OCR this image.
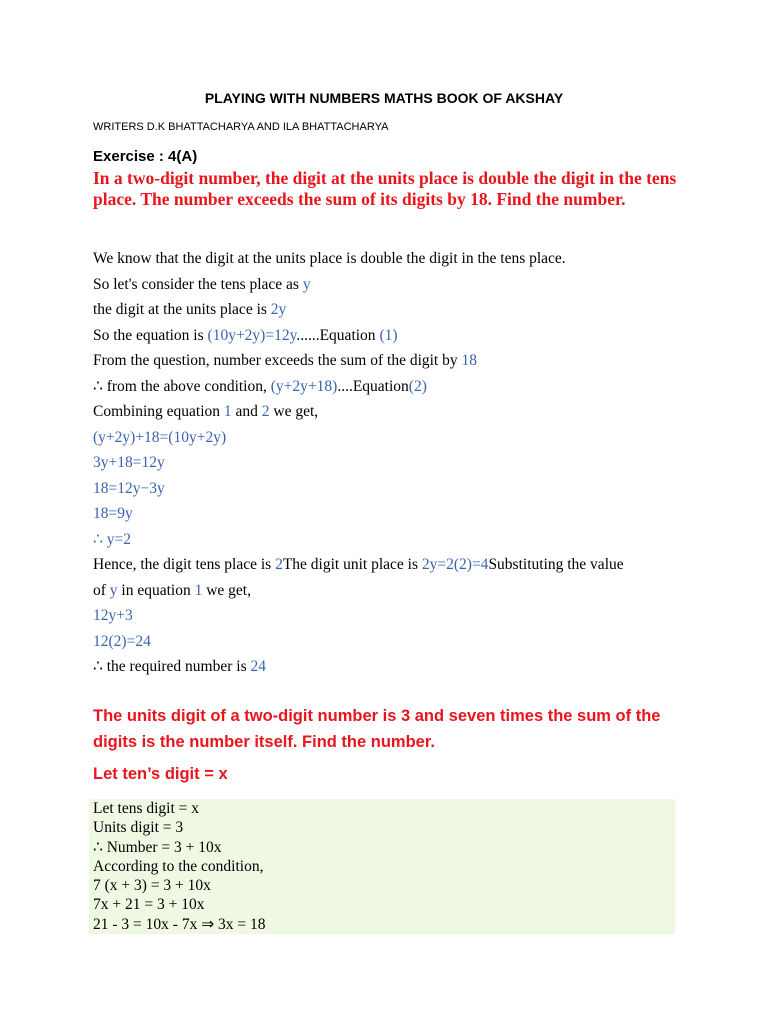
PLAYING WITH NUMBERS MATHS BOOK OF AKSHAY
WRITERS D.K BHATTACHARYA AND ILA BHATTACHARYA
Exercise : 4(A)
In a two-digit number, the digit at the units place is double the digit in the tens place. The number exceeds the sum of its digits by 18. Find the number.
We know that the digit at the units place is double the digit in the tens place.
So let's consider the tens place as y
the digit at the units place is 2y
So the equation is (10y+2y)=12y......Equation (1)
From the question, number exceeds the sum of the digit by 18
∴ from the above condition, (y+2y+18)....Equation(2)
Combining equation 1 and 2 we get,
(y+2y)+18=(10y+2y)
3y+18=12y
18=12y−3y
18=9y
∴ y=2
Hence, the digit tens place is 2The digit unit place is 2y=2(2)=4Substituting the value
of y in equation 1 we get,
12y+3
12(2)=24
∴ the required number is 24
The units digit of a two-digit number is 3 and seven times the sum of the digits is the number itself. Find the number.
Let ten’s digit = x
Let tens digit = x
Units digit = 3
∴ Number = 3 + 10x
According to the condition,
7 (x + 3) = 3 + 10x
7x + 21 = 3 + 10x
21 - 3 = 10x - 7x ⇒ 3x = 18
